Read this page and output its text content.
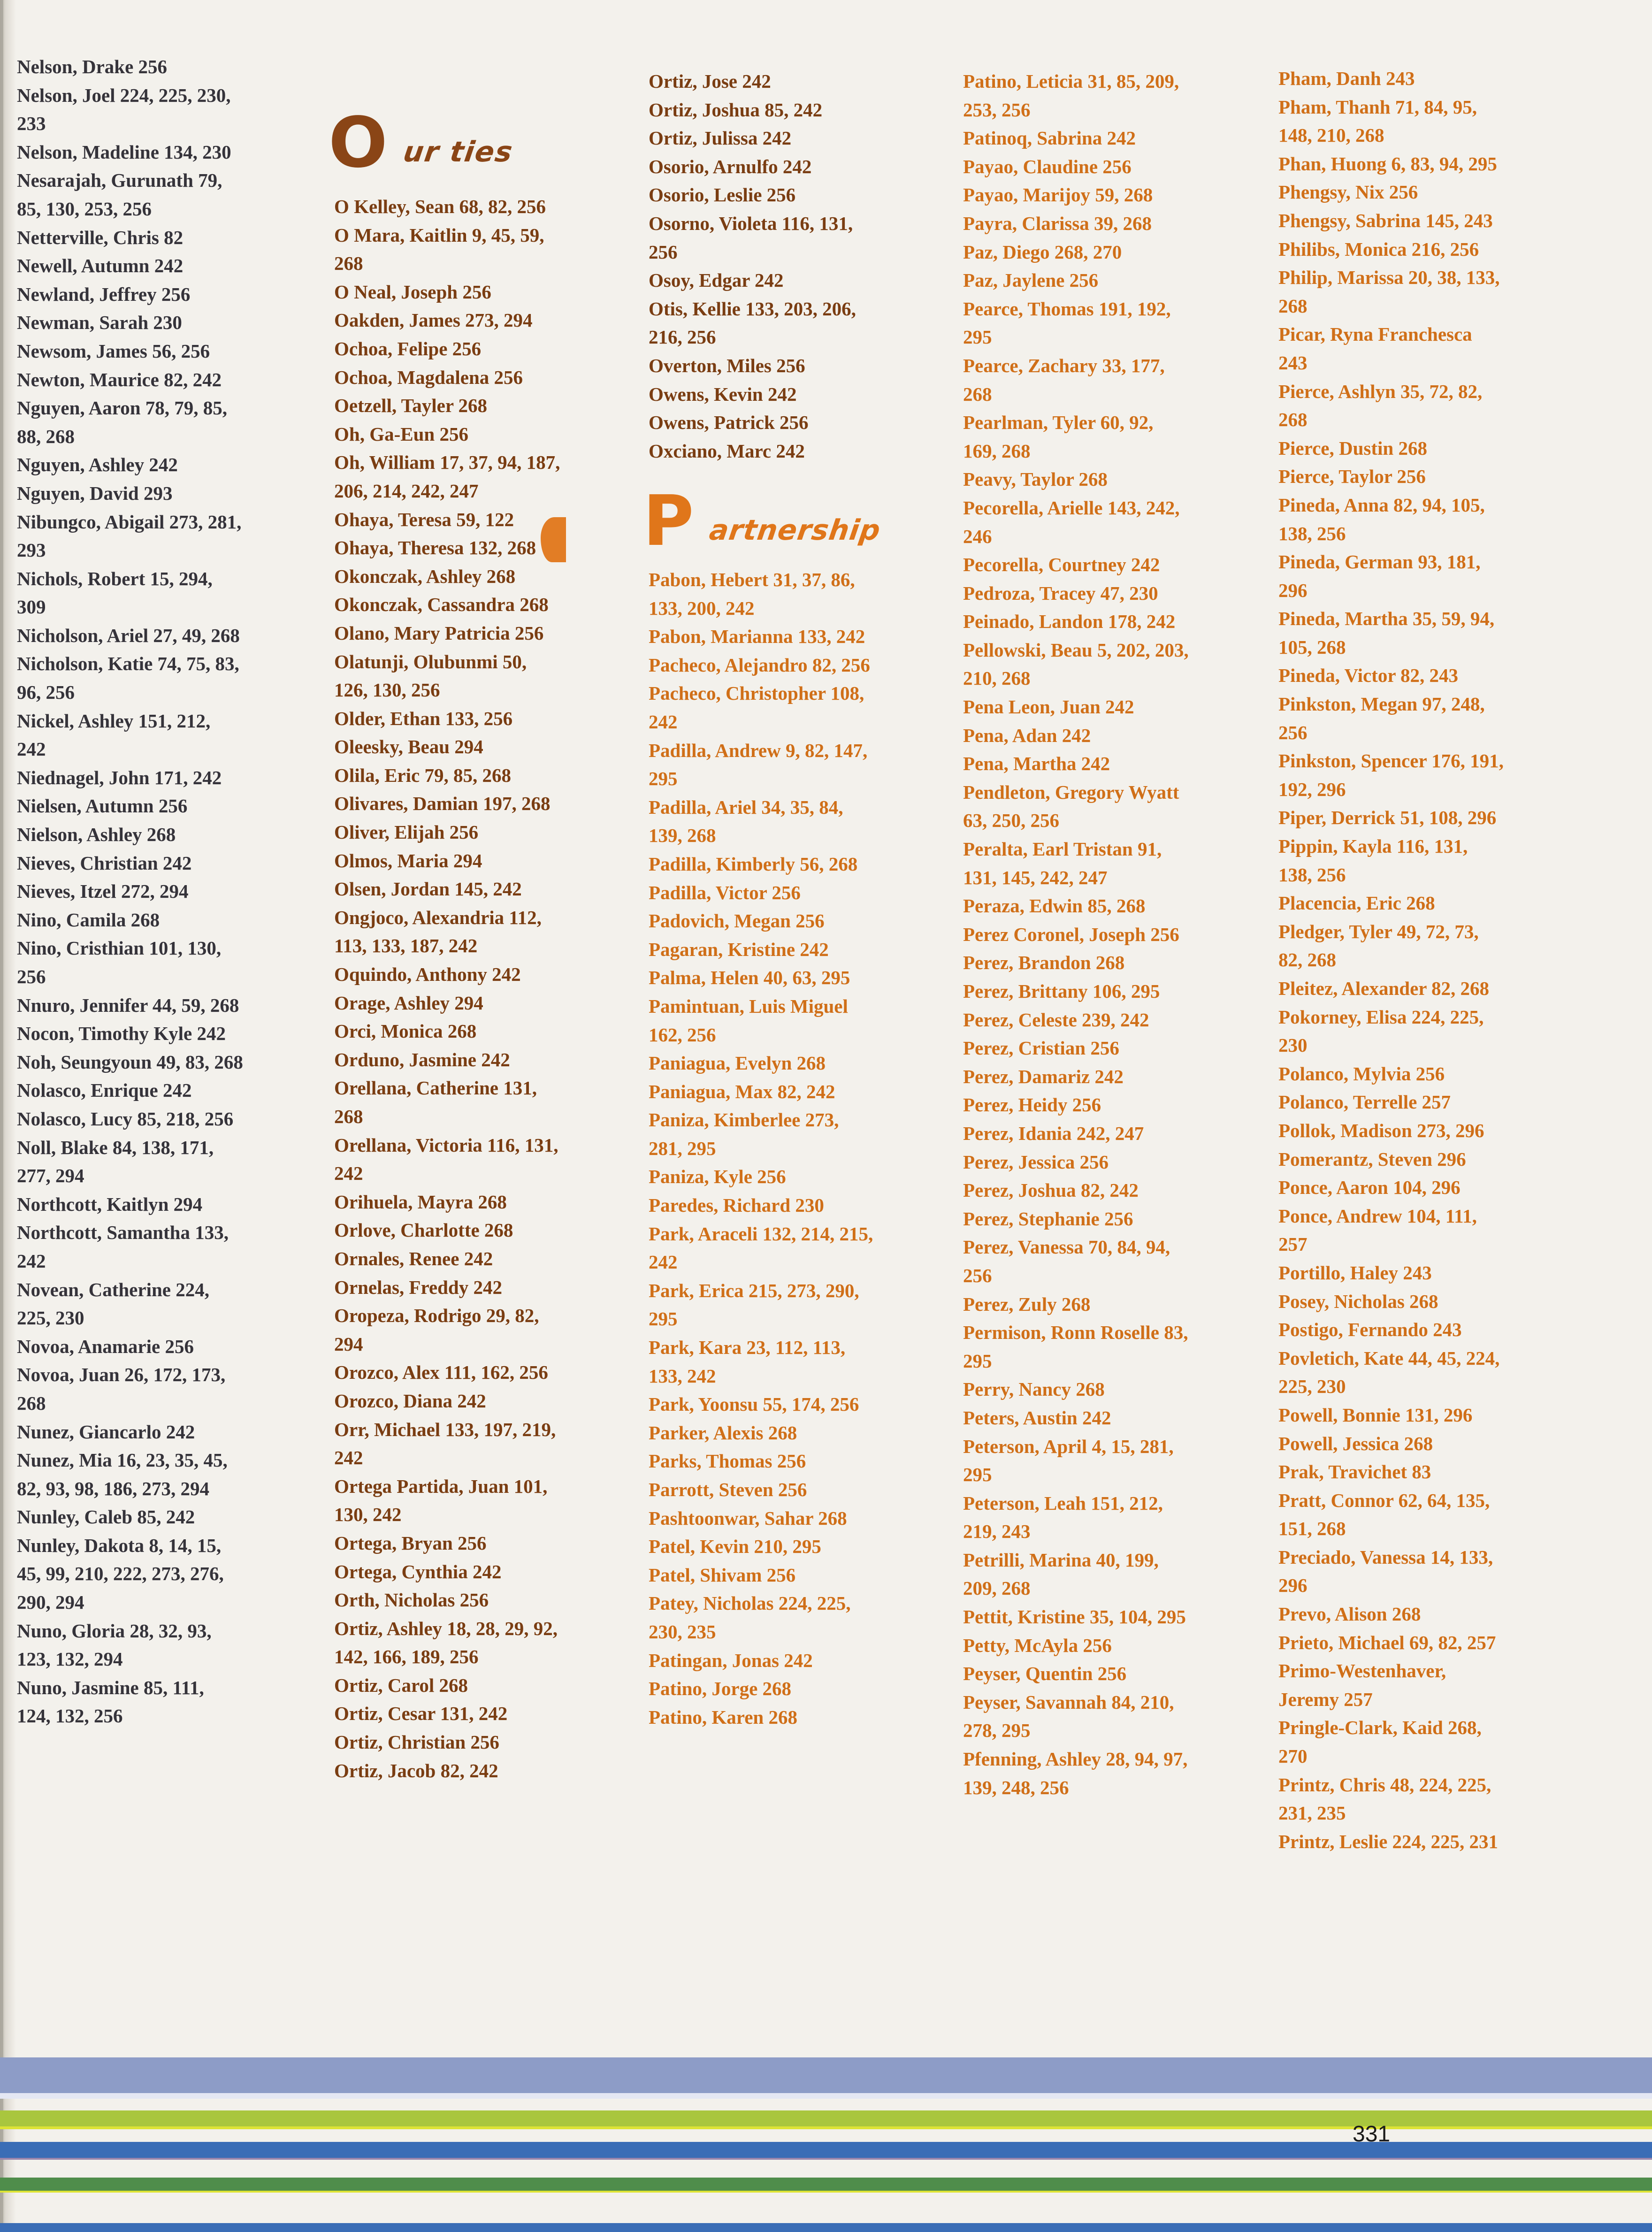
Nelson, Drake 256
Nelson, Joel 224, 225, 230,
233
Nelson, Madeline 134, 230
Nesarajah, Gurunath 79,
85, 130, 253, 256
Netterville, Chris 82
Newell, Autumn 242
Newland, Jeffrey 256
Newman, Sarah 230
Newsom, James 56, 256
Newton, Maurice 82, 242
Nguyen, Aaron 78, 79, 85,
88, 268
Nguyen, Ashley 242
Nguyen, David 293
Nibungco, Abigail 273, 281,
293
Nichols, Robert 15, 294,
309
Nicholson, Ariel 27, 49, 268
Nicholson, Katie 74, 75, 83,
96, 256
Nickel, Ashley 151, 212,
242
Niednagel, John 171, 242
Nielsen, Autumn 256
Nielson, Ashley 268
Nieves, Christian 242
Nieves, Itzel 272, 294
Nino, Camila 268
Nino, Cristhian 101, 130,
256
Nnuro, Jennifer 44, 59, 268
Nocon, Timothy Kyle 242
Noh, Seungyoun 49, 83, 268
Nolasco, Enrique 242
Nolasco, Lucy 85, 218, 256
Noll, Blake 84, 138, 171,
277, 294
Northcott, Kaitlyn 294
Northcott, Samantha 133,
242
Novean, Catherine 224,
225, 230
Novoa, Anamarie 256
Novoa, Juan 26, 172, 173,
268
Nunez, Giancarlo 242
Nunez, Mia 16, 23, 35, 45,
82, 93, 98, 186, 273, 294
Nunley, Caleb 85, 242
Nunley, Dakota 8, 14, 15,
45, 99, 210, 222, 273, 276,
290, 294
Nuno, Gloria 28, 32, 93,
123, 132, 294
Nuno, Jasmine 85, 111,
124, 132, 256
O ur ties
O Kelley, Sean 68, 82, 256
O Mara, Kaitlin 9, 45, 59,
268
O Neal, Joseph 256
Oakden, James 273, 294
Ochoa, Felipe 256
Ochoa, Magdalena 256
Oetzell, Tayler 268
Oh, Ga-Eun 256
Oh, William 17, 37, 94, 187,
206, 214, 242, 247
Ohaya, Teresa 59, 122
Ohaya, Theresa 132, 268
Okonczak, Ashley 268
Okonczak, Cassandra 268
Olano, Mary Patricia 256
Olatunji, Olubunmi 50,
126, 130, 256
Older, Ethan 133, 256
Oleesky, Beau 294
Olila, Eric 79, 85, 268
Olivares, Damian 197, 268
Oliver, Elijah 256
Olmos, Maria 294
Olsen, Jordan 145, 242
Ongjoco, Alexandria 112,
113, 133, 187, 242
Oquindo, Anthony 242
Orage, Ashley 294
Orci, Monica 268
Orduno, Jasmine 242
Orellana, Catherine 131,
268
Orellana, Victoria 116, 131,
242
Orihuela, Mayra 268
Orlove, Charlotte 268
Ornales, Renee 242
Ornelas, Freddy 242
Oropeza, Rodrigo 29, 82,
294
Orozco, Alex 111, 162, 256
Orozco, Diana 242
Orr, Michael 133, 197, 219,
242
Ortega Partida, Juan 101,
130, 242
Ortega, Bryan 256
Ortega, Cynthia 242
Orth, Nicholas 256
Ortiz, Ashley 18, 28, 29, 92,
142, 166, 189, 256
Ortiz, Carol 268
Ortiz, Cesar 131, 242
Ortiz, Christian 256
Ortiz, Jacob 82, 242
Ortiz, Jose 242
Ortiz, Joshua 85, 242
Ortiz, Julissa 242
Osorio, Arnulfo 242
Osorio, Leslie 256
Osorno, Violeta 116, 131,
256
Osoy, Edgar 242
Otis, Kellie 133, 203, 206,
216, 256
Overton, Miles 256
Owens, Kevin 242
Owens, Patrick 256
Oxciano, Marc 242
P artnership
Pabon, Hebert 31, 37, 86,
133, 200, 242
Pabon, Marianna 133, 242
Pacheco, Alejandro 82, 256
Pacheco, Christopher 108,
242
Padilla, Andrew 9, 82, 147,
295
Padilla, Ariel 34, 35, 84,
139, 268
Padilla, Kimberly 56, 268
Padilla, Victor 256
Padovich, Megan 256
Pagaran, Kristine 242
Palma, Helen 40, 63, 295
Pamintuan, Luis Miguel
162, 256
Paniagua, Evelyn 268
Paniagua, Max 82, 242
Paniza, Kimberlee 273,
281, 295
Paniza, Kyle 256
Paredes, Richard 230
Park, Araceli 132, 214, 215,
242
Park, Erica 215, 273, 290,
295
Park, Kara 23, 112, 113,
133, 242
Park, Yoonsu 55, 174, 256
Parker, Alexis 268
Parks, Thomas 256
Parrott, Steven 256
Pashtoonwar, Sahar 268
Patel, Kevin 210, 295
Patel, Shivam 256
Patey, Nicholas 224, 225,
230, 235
Patingan, Jonas 242
Patino, Jorge 268
Patino, Karen 268
Patino, Leticia 31, 85, 209,
253, 256
Patinoq, Sabrina 242
Payao, Claudine 256
Payao, Marijoy 59, 268
Payra, Clarissa 39, 268
Paz, Diego 268, 270
Paz, Jaylene 256
Pearce, Thomas 191, 192,
295
Pearce, Zachary 33, 177,
268
Pearlman, Tyler 60, 92,
169, 268
Peavy, Taylor 268
Pecorella, Arielle 143, 242,
246
Pecorella, Courtney 242
Pedroza, Tracey 47, 230
Peinado, Landon 178, 242
Pellowski, Beau 5, 202, 203,
210, 268
Pena Leon, Juan 242
Pena, Adan 242
Pena, Martha 242
Pendleton, Gregory Wyatt
63, 250, 256
Peralta, Earl Tristan 91,
131, 145, 242, 247
Peraza, Edwin 85, 268
Perez Coronel, Joseph 256
Perez, Brandon 268
Perez, Brittany 106, 295
Perez, Celeste 239, 242
Perez, Cristian 256
Perez, Damariz 242
Perez, Heidy 256
Perez, Idania 242, 247
Perez, Jessica 256
Perez, Joshua 82, 242
Perez, Stephanie 256
Perez, Vanessa 70, 84, 94,
256
Perez, Zuly 268
Permison, Ronn Roselle 83,
295
Perry, Nancy 268
Peters, Austin 242
Peterson, April 4, 15, 281,
295
Peterson, Leah 151, 212,
219, 243
Petrilli, Marina 40, 199,
209, 268
Pettit, Kristine 35, 104, 295
Petty, McAyla 256
Peyser, Quentin 256
Peyser, Savannah 84, 210,
278, 295
Pfenning, Ashley 28, 94, 97,
139, 248, 256
Pham, Danh 243
Pham, Thanh 71, 84, 95,
148, 210, 268
Phan, Huong 6, 83, 94, 295
Phengsy, Nix 256
Phengsy, Sabrina 145, 243
Philibs, Monica 216, 256
Philip, Marissa 20, 38, 133,
268
Picar, Ryna Franchesca
243
Pierce, Ashlyn 35, 72, 82,
268
Pierce, Dustin 268
Pierce, Taylor 256
Pineda, Anna 82, 94, 105,
138, 256
Pineda, German 93, 181,
296
Pineda, Martha 35, 59, 94,
105, 268
Pineda, Victor 82, 243
Pinkston, Megan 97, 248,
256
Pinkston, Spencer 176, 191,
192, 296
Piper, Derrick 51, 108, 296
Pippin, Kayla 116, 131,
138, 256
Placencia, Eric 268
Pledger, Tyler 49, 72, 73,
82, 268
Pleitez, Alexander 82, 268
Pokorney, Elisa 224, 225,
230
Polanco, Mylvia 256
Polanco, Terrelle 257
Pollok, Madison 273, 296
Pomerantz, Steven 296
Ponce, Aaron 104, 296
Ponce, Andrew 104, 111,
257
Portillo, Haley 243
Posey, Nicholas 268
Postigo, Fernando 243
Povletich, Kate 44, 45, 224,
225, 230
Powell, Bonnie 131, 296
Powell, Jessica 268
Prak, Travichet 83
Pratt, Connor 62, 64, 135,
151, 268
Preciado, Vanessa 14, 133,
296
Prevo, Alison 268
Prieto, Michael 69, 82, 257
Primo-Westenhaver,
Jeremy 257
Pringle-Clark, Kaid 268,
270
Printz, Chris 48, 224, 225,
231, 235
Printz, Leslie 224, 225, 231
331
